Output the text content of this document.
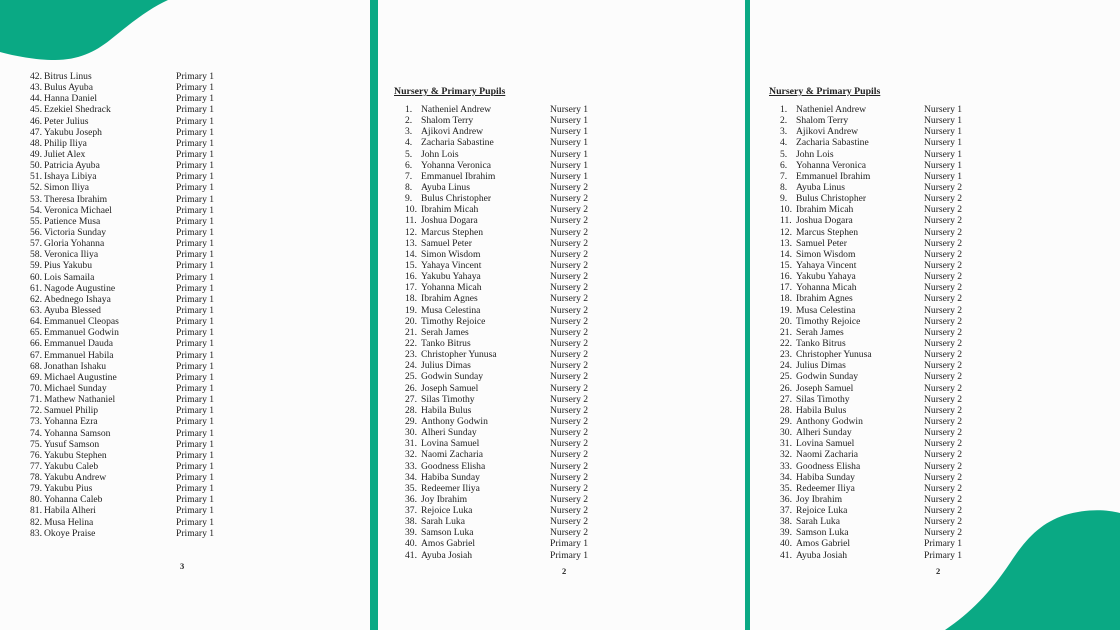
42. Bitrus Linus	Primary 1
43. Bulus Ayuba	Primary 1
44. Hanna Daniel	Primary 1
45. Ezekiel Shedrack	Primary 1
46. Peter Julius	Primary 1
47. Yakubu Joseph	Primary 1
48. Philip Iliya	Primary 1
49. Juliet Alex	Primary 1
50. Patricia Ayuba	Primary 1
51. Ishaya Libiya	Primary 1
52. Simon Iliya	Primary 1
53. Theresa Ibrahim	Primary 1
54. Veronica Michael	Primary 1
55. Patience Musa	Primary 1
56. Victoria Sunday	Primary 1
57. Gloria Yohanna	Primary 1
58. Veronica Iliya	Primary 1
59. Pius Yakubu	Primary 1
60. Lois Samaila	Primary 1
61. Nagode Augustine	Primary 1
62. Abednego Ishaya	Primary 1
63. Ayuba Blessed	Primary 1
64. Emmanuel Cleopas	Primary 1
65. Emmanuel Godwin	Primary 1
66. Emmanuel Dauda	Primary 1
67. Emmanuel Habila	Primary 1
68. Jonathan Ishaku	Primary 1
69. Michael Augustine	Primary 1
70. Michael Sunday	Primary 1
71. Mathew Nathaniel	Primary 1
72. Samuel Philip	Primary 1
73. Yohanna Ezra	Primary 1
74. Yohanna Samson	Primary 1
75. Yusuf Samson	Primary 1
76. Yakubu Stephen	Primary 1
77. Yakubu Caleb	Primary 1
78. Yakubu Andrew	Primary 1
79. Yakubu Pius	Primary 1
80. Yohanna Caleb	Primary 1
81. Habila Alheri	Primary 1
82. Musa Helina	Primary 1
83. Okoye Praise	Primary 1
3
Nursery & Primary Pupils
1. Natheniel Andrew	Nursery 1
2. Shalom Terry	Nursery 1
3. Ajikovi Andrew	Nursery 1
4. Zacharia Sabastine	Nursery 1
5. John Lois	Nursery 1
6. Yohanna Veronica	Nursery 1
7. Emmanuel Ibrahim	Nursery 1
8. Ayuba Linus	Nursery 2
9. Bulus Christopher	Nursery 2
10. Ibrahim Micah	Nursery 2
11. Joshua Dogara	Nursery 2
12. Marcus Stephen	Nursery 2
13. Samuel Peter	Nursery 2
14. Simon Wisdom	Nursery 2
15. Yahaya Vincent	Nursery 2
16. Yakubu Yahaya	Nursery 2
17. Yohanna Micah	Nursery 2
18. Ibrahim Agnes	Nursery 2
19. Musa Celestina	Nursery 2
20. Timothy Rejoice	Nursery 2
21. Serah James	Nursery 2
22. Tanko Bitrus	Nursery 2
23. Christopher Yunusa	Nursery 2
24. Julius Dimas	Nursery 2
25. Godwin Sunday	Nursery 2
26. Joseph Samuel	Nursery 2
27. Silas Timothy	Nursery 2
28. Habila Bulus	Nursery 2
29. Anthony Godwin	Nursery 2
30. Alheri Sunday	Nursery 2
31. Lovina Samuel	Nursery 2
32. Naomi Zacharia	Nursery 2
33. Goodness Elisha	Nursery 2
34. Habiba Sunday	Nursery 2
35. Redeemer Iliya	Nursery 2
36. Joy Ibrahim	Nursery 2
37. Rejoice Luka	Nursery 2
38. Sarah Luka	Nursery 2
39. Samson Luka	Nursery 2
40. Amos Gabriel	Primary 1
41. Ayuba Josiah	Primary 1
2
Nursery & Primary Pupils
1. Natheniel Andrew	Nursery 1
2. Shalom Terry	Nursery 1
3. Ajikovi Andrew	Nursery 1
4. Zacharia Sabastine	Nursery 1
5. John Lois	Nursery 1
6. Yohanna Veronica	Nursery 1
7. Emmanuel Ibrahim	Nursery 1
8. Ayuba Linus	Nursery 2
9. Bulus Christopher	Nursery 2
10. Ibrahim Micah	Nursery 2
11. Joshua Dogara	Nursery 2
12. Marcus Stephen	Nursery 2
13. Samuel Peter	Nursery 2
14. Simon Wisdom	Nursery 2
15. Yahaya Vincent	Nursery 2
16. Yakubu Yahaya	Nursery 2
17. Yohanna Micah	Nursery 2
18. Ibrahim Agnes	Nursery 2
19. Musa Celestina	Nursery 2
20. Timothy Rejoice	Nursery 2
21. Serah James	Nursery 2
22. Tanko Bitrus	Nursery 2
23. Christopher Yunusa	Nursery 2
24. Julius Dimas	Nursery 2
25. Godwin Sunday	Nursery 2
26. Joseph Samuel	Nursery 2
27. Silas Timothy	Nursery 2
28. Habila Bulus	Nursery 2
29. Anthony Godwin	Nursery 2
30. Alheri Sunday	Nursery 2
31. Lovina Samuel	Nursery 2
32. Naomi Zacharia	Nursery 2
33. Goodness Elisha	Nursery 2
34. Habiba Sunday	Nursery 2
35. Redeemer Iliya	Nursery 2
36. Joy Ibrahim	Nursery 2
37. Rejoice Luka	Nursery 2
38. Sarah Luka	Nursery 2
39. Samson Luka	Nursery 2
40. Amos Gabriel	Primary 1
41. Ayuba Josiah	Primary 1
2
